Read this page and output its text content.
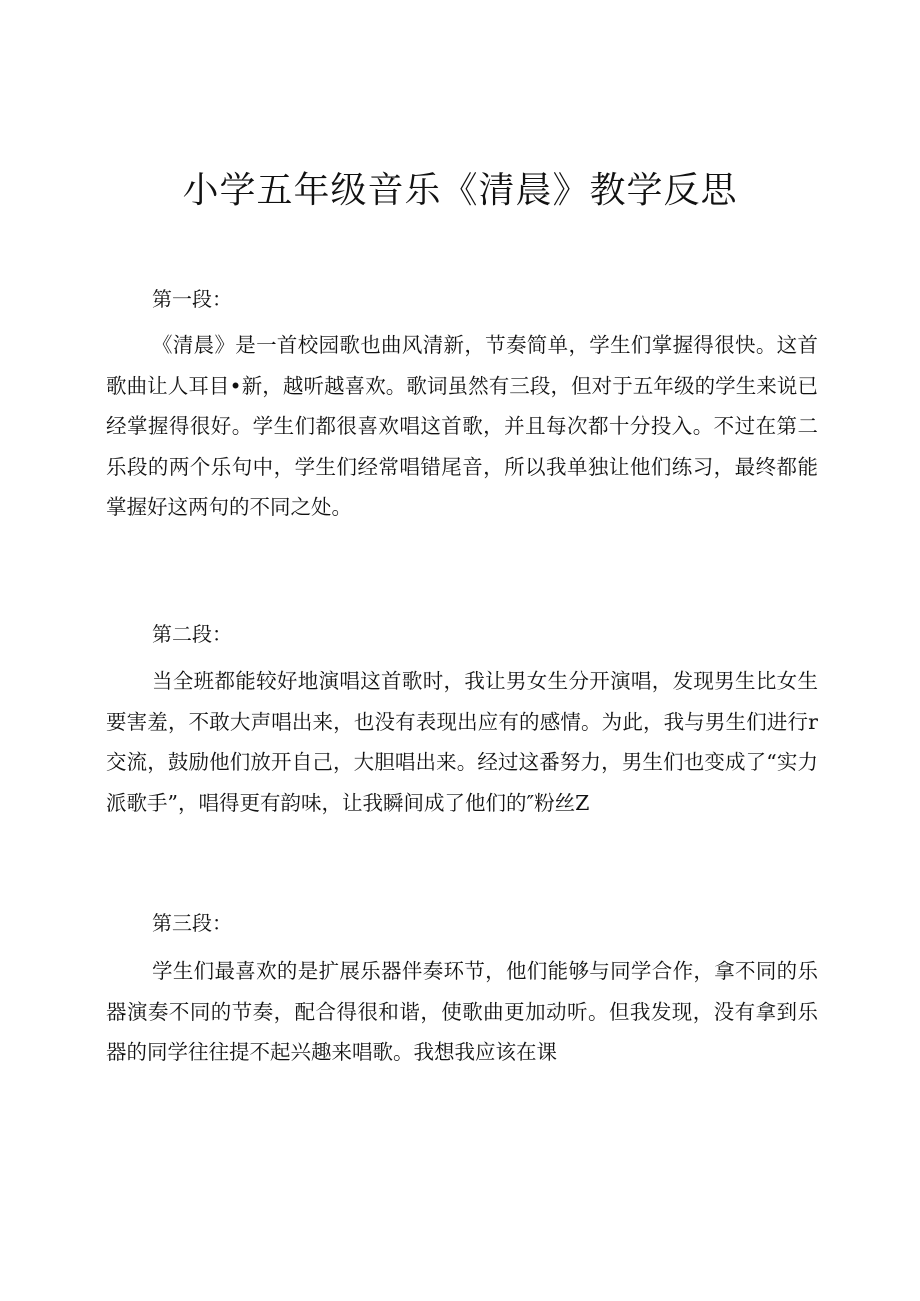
小学五年级音乐《清晨》教学反思

第一段：

《清晨》是一首校园歌也曲风清新，节奏简单，学生们掌握得很快。这首歌曲让人耳目•新，越听越喜欢。歌词虽然有三段，但对于五年级的学生来说已经掌握得很好。学生们都很喜欢唱这首歌，并且每次都十分投入。不过在第二乐段的两个乐句中，学生们经常唱错尾音，所以我单独让他们练习，最终都能掌握好这两句的不同之处。

第二段：

当全班都能较好地演唱这首歌时，我让男女生分开演唱，发现男生比女生要害羞，不敢大声唱出来，也没有表现出应有的感情。为此，我与男生们进行r交流，鼓励他们放开自己，大胆唱出来。经过这番努力，男生们也变成了“实力派歌手”，唱得更有韵味，让我瞬间成了他们的″粉丝Z

第三段：

学生们最喜欢的是扩展乐器伴奏环节，他们能够与同学合作，拿不同的乐器演奏不同的节奏，配合得很和谐，使歌曲更加动听。但我发现，没有拿到乐器的同学往往提不起兴趣来唱歌。我想我应该在课
